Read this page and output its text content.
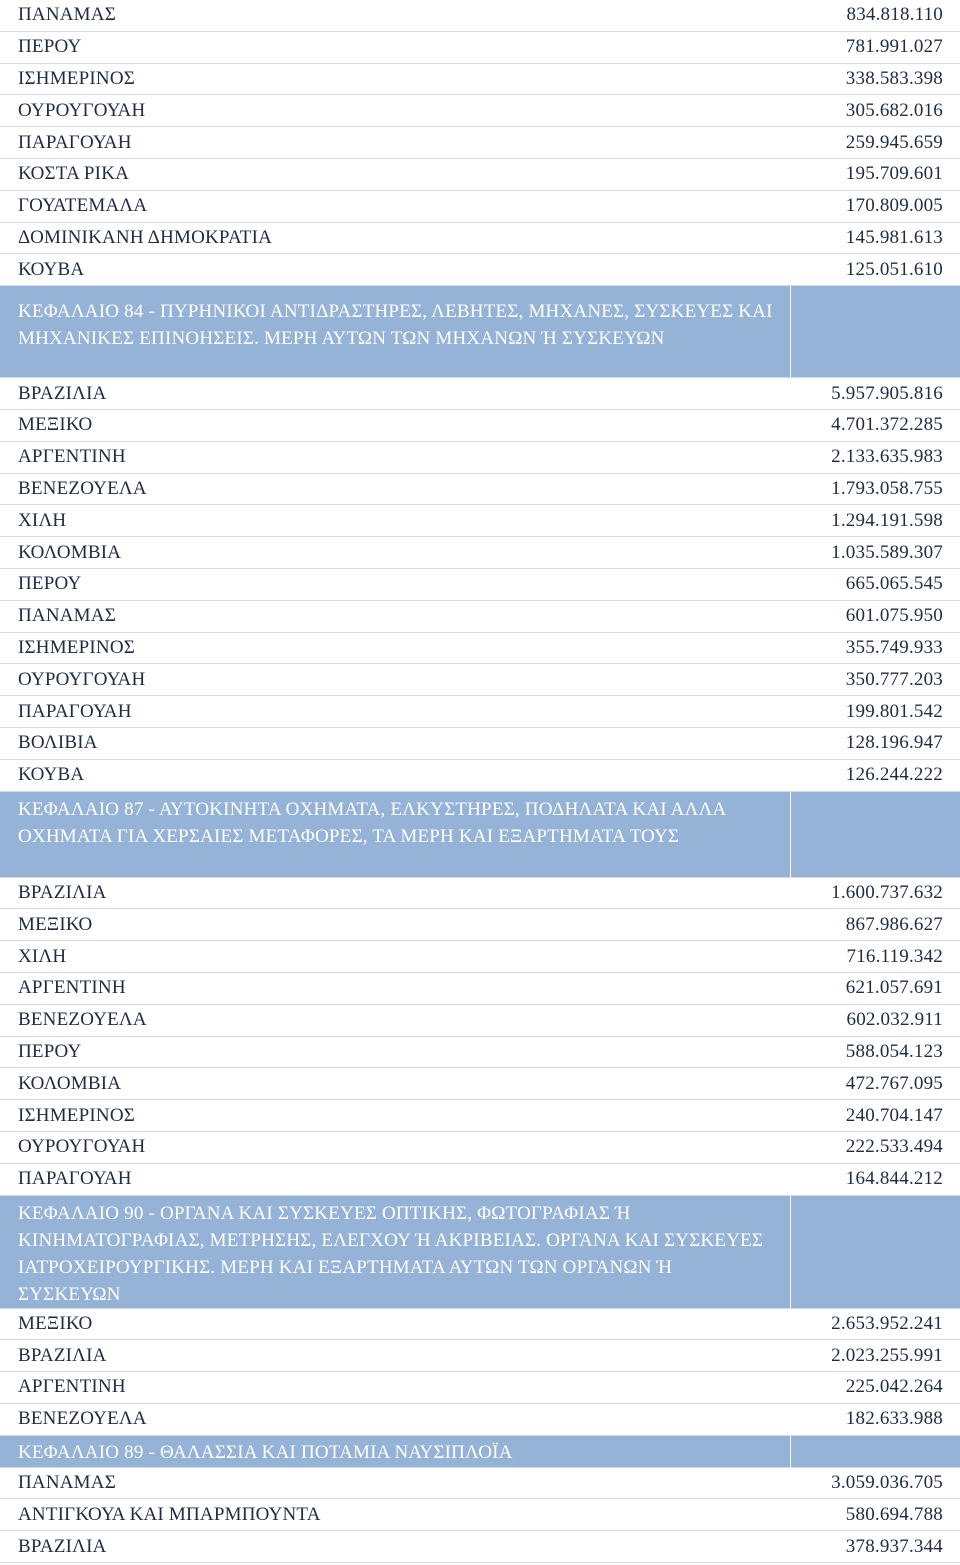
ΠΑΝΑΜΑΣ	834.818.110
ΠΕΡΟΥ	781.991.027
ΙΣΗΜΕΡΙΝΟΣ	338.583.398
ΟΥΡΟΥΓΟΥΑΗ	305.682.016
ΠΑΡΑΓΟΥΑΗ	259.945.659
ΚΟΣΤΑ ΡΙΚΑ	195.709.601
ΓΟΥΑΤΕΜΑΛΑ	170.809.005
ΔΟΜΙΝΙΚΑΝΗ ΔΗΜΟΚΡΑΤΙΑ	145.981.613
ΚΟΥΒΑ	125.051.610
ΚΕΦΑΛΑΙΟ 84 - ΠΥΡΗΝΙΚΟΙ ΑΝΤΙΔΡΑΣΤΗΡΕΣ, ΛΕΒΗΤΕΣ, ΜΗΧΑΝΕΣ, ΣΥΣΚΕΥΕΣ ΚΑΙ ΜΗΧΑΝΙΚΕΣ ΕΠΙΝΟΗΣΕΙΣ. ΜΕΡΗ ΑΥΤΩΝ ΤΩΝ ΜΗΧΑΝΩΝ Ή ΣΥΣΚΕΥΩΝ
ΒΡΑΖΙΛΙΑ	5.957.905.816
ΜΕΞΙΚΟ	4.701.372.285
ΑΡΓΕΝΤΙΝΗ	2.133.635.983
ΒΕΝΕΖΟΥΕΛΑ	1.793.058.755
ΧΙΛΗ	1.294.191.598
ΚΟΛΟΜΒΙΑ	1.035.589.307
ΠΕΡΟΥ	665.065.545
ΠΑΝΑΜΑΣ	601.075.950
ΙΣΗΜΕΡΙΝΟΣ	355.749.933
ΟΥΡΟΥΓΟΥΑΗ	350.777.203
ΠΑΡΑΓΟΥΑΗ	199.801.542
ΒΟΛΙΒΙΑ	128.196.947
ΚΟΥΒΑ	126.244.222
ΚΕΦΑΛΑΙΟ 87 - ΑΥΤΟΚΙΝΗΤΑ ΟΧΗΜΑΤΑ, ΕΛΚΥΣΤΗΡΕΣ, ΠΟΔΗΛΑΤΑ ΚΑΙ ΑΛΛΑ ΟΧΗΜΑΤΑ ΓΙΑ ΧΕΡΣΑΙΕΣ ΜΕΤΑΦΟΡΕΣ, ΤΑ ΜΕΡΗ ΚΑΙ ΕΞΑΡΤΗΜΑΤΑ ΤΟΥΣ
ΒΡΑΖΙΛΙΑ	1.600.737.632
ΜΕΞΙΚΟ	867.986.627
ΧΙΛΗ	716.119.342
ΑΡΓΕΝΤΙΝΗ	621.057.691
ΒΕΝΕΖΟΥΕΛΑ	602.032.911
ΠΕΡΟΥ	588.054.123
ΚΟΛΟΜΒΙΑ	472.767.095
ΙΣΗΜΕΡΙΝΟΣ	240.704.147
ΟΥΡΟΥΓΟΥΑΗ	222.533.494
ΠΑΡΑΓΟΥΑΗ	164.844.212
ΚΕΦΑΛΑΙΟ 90 - ΟΡΓΑΝΑ ΚΑΙ ΣΥΣΚΕΥΕΣ ΟΠΤΙΚΗΣ, ΦΩΤΟΓΡΑΦΙΑΣ Ή ΚΙΝΗΜΑΤΟΓΡΑΦΙΑΣ, ΜΕΤΡΗΣΗΣ, ΕΛΕΓΧΟΥ Ή ΑΚΡΙΒΕΙΑΣ. ΟΡΓΑΝΑ ΚΑΙ ΣΥΣΚΕΥΕΣ ΙΑΤΡΟΧΕΙΡΟΥΡΓΙΚΗΣ. ΜΕΡΗ ΚΑΙ ΕΞΑΡΤΗΜΑΤΑ ΑΥΤΩΝ ΤΩΝ ΟΡΓΑΝΩΝ Ή ΣΥΣΚΕΥΩΝ
ΜΕΞΙΚΟ	2.653.952.241
ΒΡΑΖΙΛΙΑ	2.023.255.991
ΑΡΓΕΝΤΙΝΗ	225.042.264
ΒΕΝΕΖΟΥΕΛΑ	182.633.988
ΚΕΦΑΛΑΙΟ 89 - ΘΑΛΑΣΣΙΑ ΚΑΙ ΠΟΤΑΜΙΑ ΝΑΥΣΙΠΛΟΪΑ
ΠΑΝΑΜΑΣ	3.059.036.705
ΑΝΤΙΓΚΟΥΑ ΚΑΙ ΜΠΑΡΜΠΟΥΝΤΑ	580.694.788
ΒΡΑΖΙΛΙΑ	378.937.344
